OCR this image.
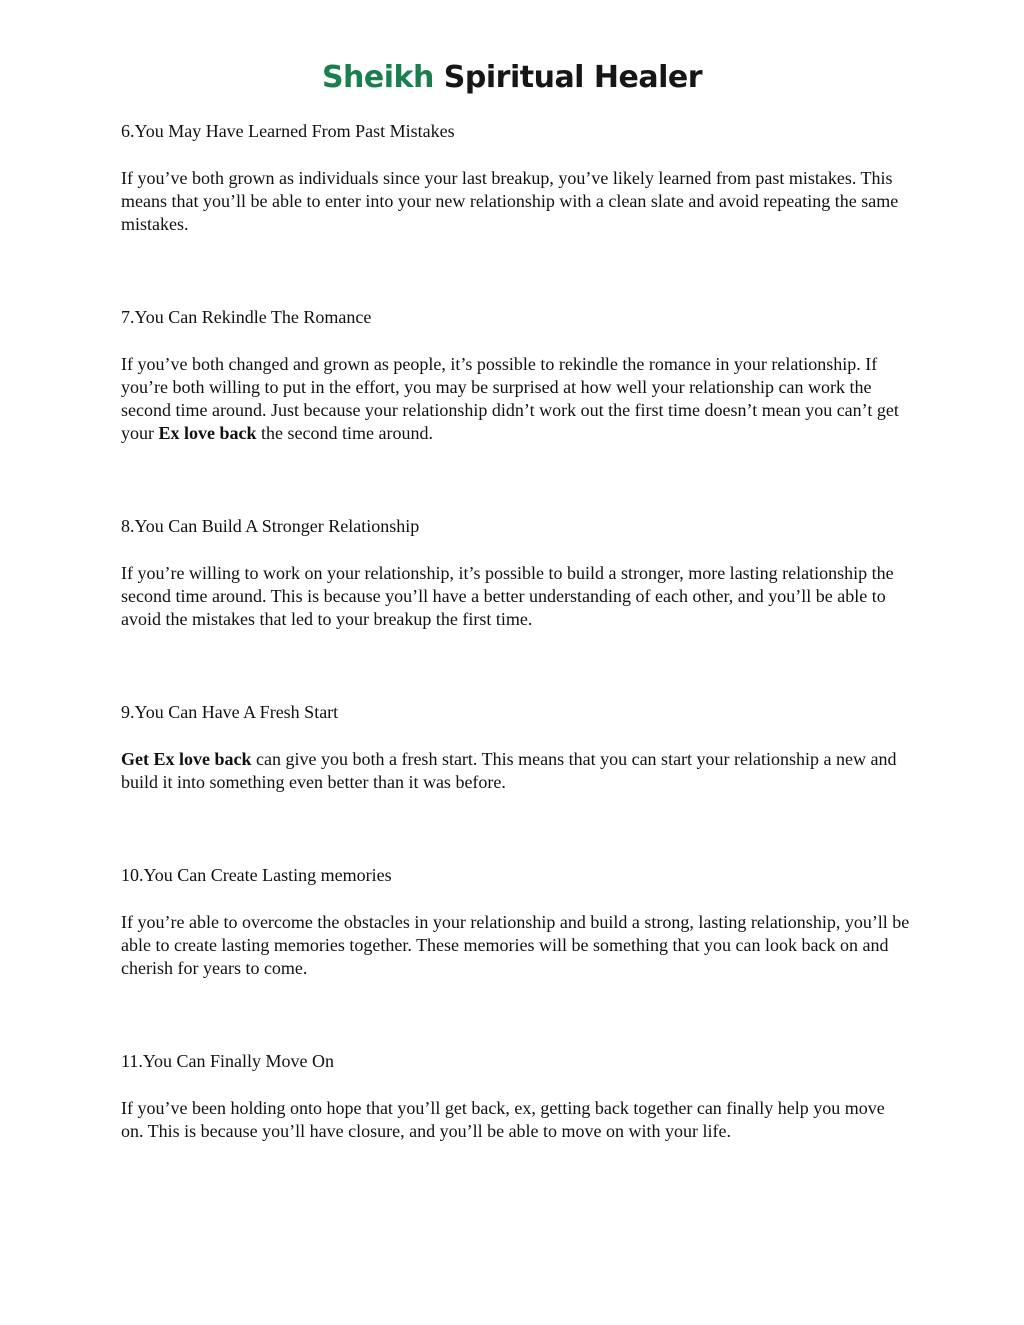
Sheikh Spiritual Healer

6.You May Have Learned From Past Mistakes

If you’ve both grown as individuals since your last breakup, you’ve likely learned from past mistakes. This means that you’ll be able to enter into your new relationship with a clean slate and avoid repeating the same mistakes.

7.You Can Rekindle The Romance

If you’ve both changed and grown as people, it’s possible to rekindle the romance in your relationship. If you’re both willing to put in the effort, you may be surprised at how well your relationship can work the second time around. Just because your relationship didn’t work out the first time doesn’t mean you can’t get your Ex love back the second time around.

8.You Can Build A Stronger Relationship

If you’re willing to work on your relationship, it’s possible to build a stronger, more lasting relationship the second time around. This is because you’ll have a better understanding of each other, and you’ll be able to avoid the mistakes that led to your breakup the first time.

9.You Can Have A Fresh Start

Get Ex love back can give you both a fresh start. This means that you can start your relationship a new and build it into something even better than it was before.

10.You Can Create Lasting memories

If you’re able to overcome the obstacles in your relationship and build a strong, lasting relationship, you’ll be able to create lasting memories together. These memories will be something that you can look back on and cherish for years to come.

11.You Can Finally Move On

If you’ve been holding onto hope that you’ll get back, ex, getting back together can finally help you move on. This is because you’ll have closure, and you’ll be able to move on with your life.
